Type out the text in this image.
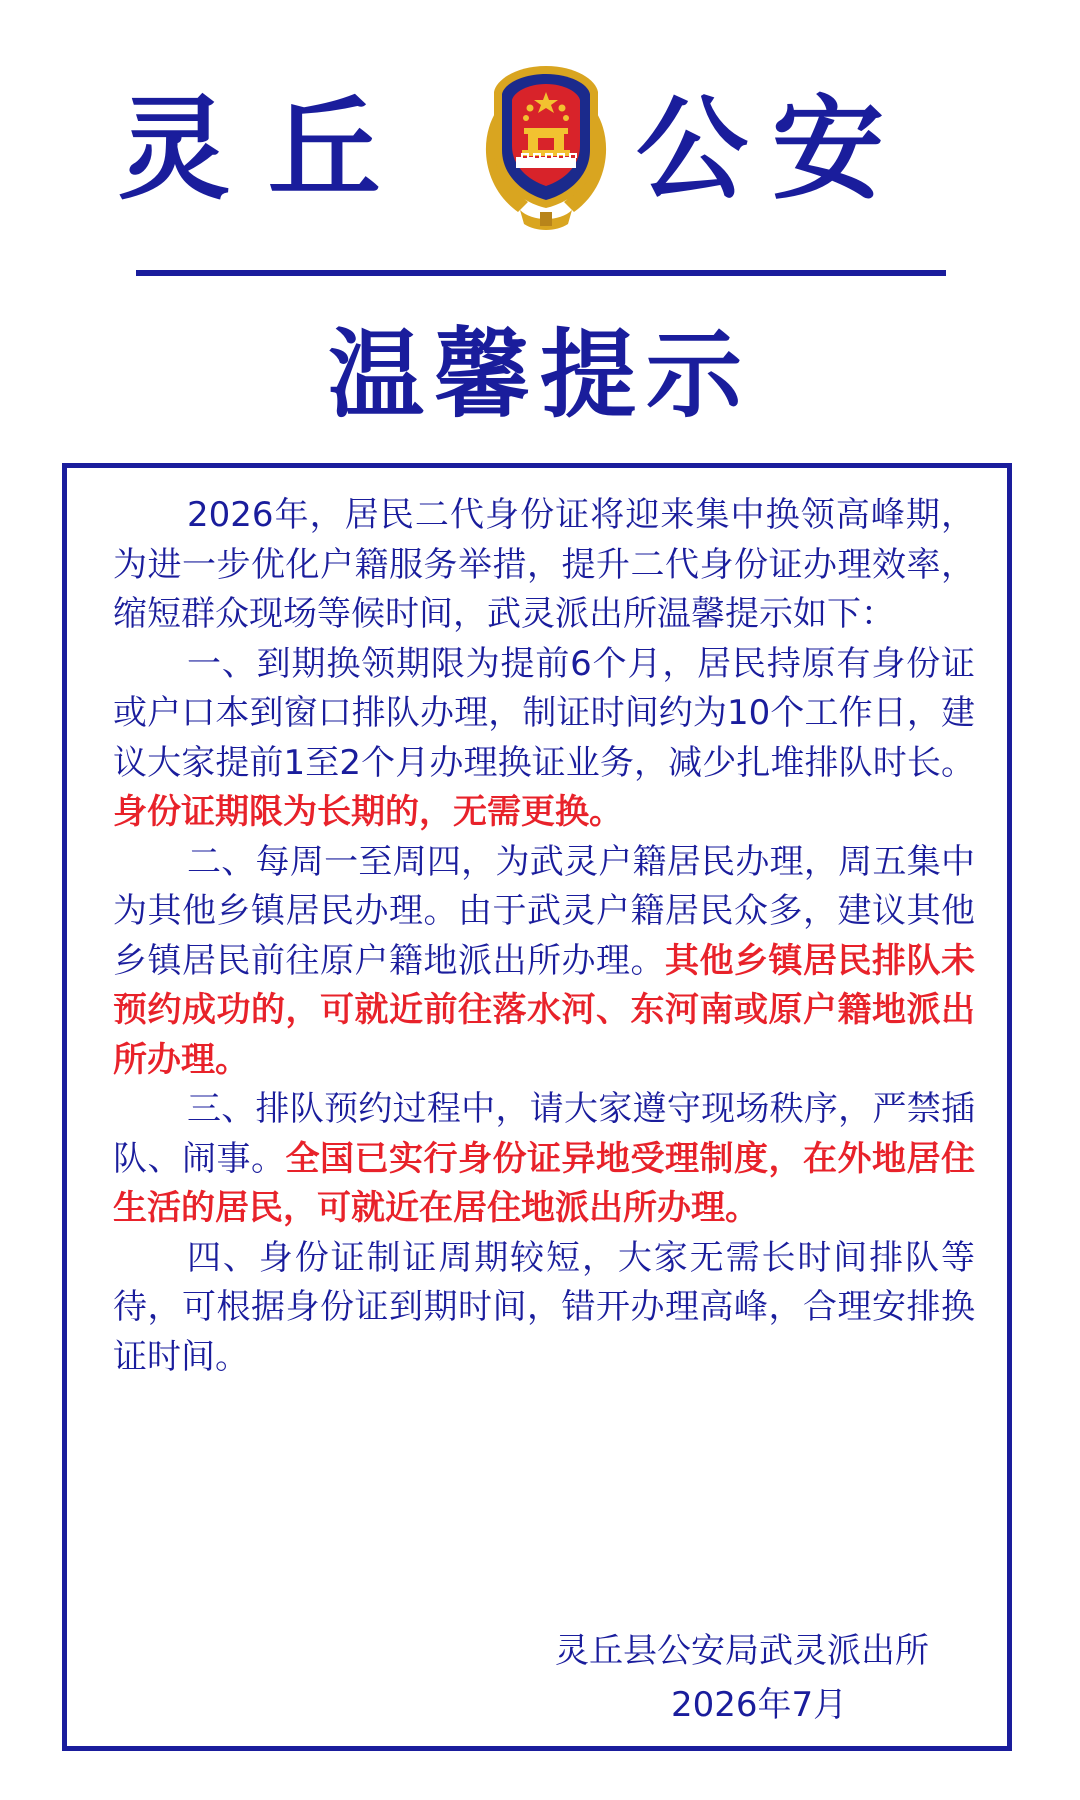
灵 丘 公 安
温馨提示

2026年，居民二代身份证将迎来集中换领高峰期，为进一步优化户籍服务举措，提升二代身份证办理效率，缩短群众现场等候时间，武灵派出所温馨提示如下：

一、到期换领期限为提前6个月，居民持原有身份证或户口本到窗口排队办理，制证时间约为10个工作日，建议大家提前1至2个月办理换证业务，减少扎堆排队时长。身份证期限为长期的，无需更换。

二、每周一至周四，为武灵户籍居民办理，周五集中为其他乡镇居民办理。由于武灵户籍居民众多，建议其他乡镇居民前往原户籍地派出所办理。其他乡镇居民排队未预约成功的，可就近前往落水河、东河南或原户籍地派出所办理。

三、排队预约过程中，请大家遵守现场秩序，严禁插队、闹事。全国已实行身份证异地受理制度，在外地居住生活的居民，可就近在居住地派出所办理。

四、身份证制证周期较短，大家无需长时间排队等待，可根据身份证到期时间，错开办理高峰，合理安排换证时间。

灵丘县公安局武灵派出所
2026年7月
